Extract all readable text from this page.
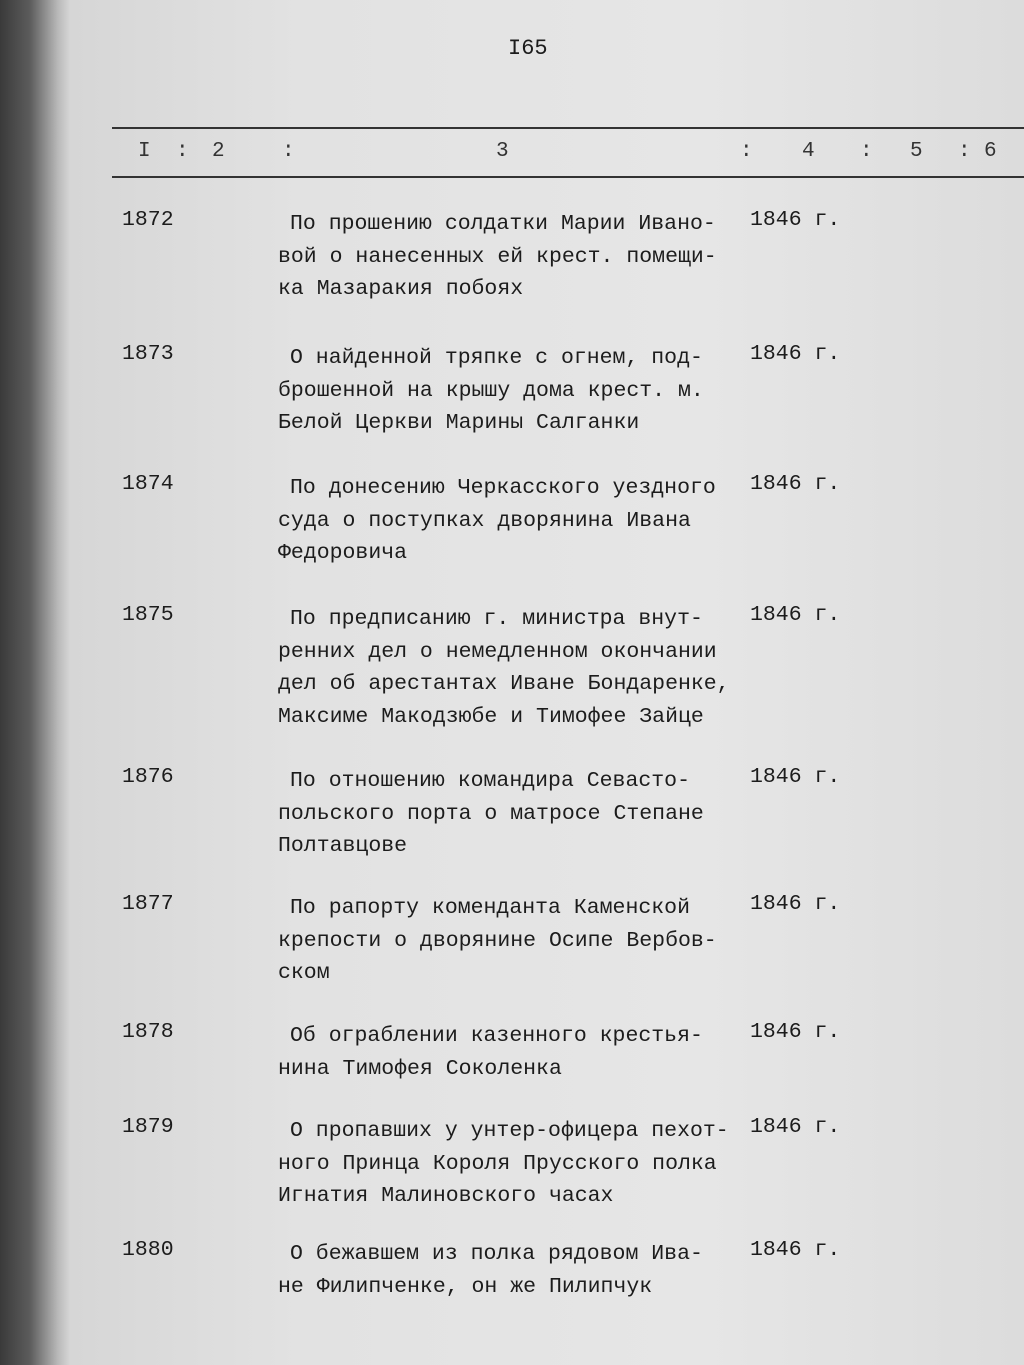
I65
I : 2	:	3	: 4 : 5 : 6
1872	По прошению солдатки Марии Ивано-
вой о нанесенных ей крест. помещи-
ка Мазаракия побоях
1846 г.
1873	О найденной тряпке с огнем, под-
брошенной на крышу дома крест. м.
Белой Церкви Марины Салганки
1846 г.
1874	По донесению Черкасского уездного
суда о поступках дворянина Ивана
Федоровича
1846 г.
1875	По предписанию г. министра внут-
ренних дел о немедленном окончании
дел об арестантах Иване Бондаренке,
Максиме Макодзюбе и Тимофее Зайце
1846 г.
1876	По отношению командира Севасто-
польского порта о матросе Степане
Полтавцове
1846 г.
1877	По рапорту коменданта Каменской
крепости о дворянине Осипе Вербов-
ском
1846 г.
1878	Об ограблении казенного крестья-
нина Тимофея Соколенка
1846 г.
1879	О пропавших у унтер-офицера пехот-
ного Принца Короля Прусского полка
Игнатия Малиновского часах
1846 г.
1880	О бежавшем из полка рядовом Ива-
не Филипченке, он же Пилипчук
1846 г.
